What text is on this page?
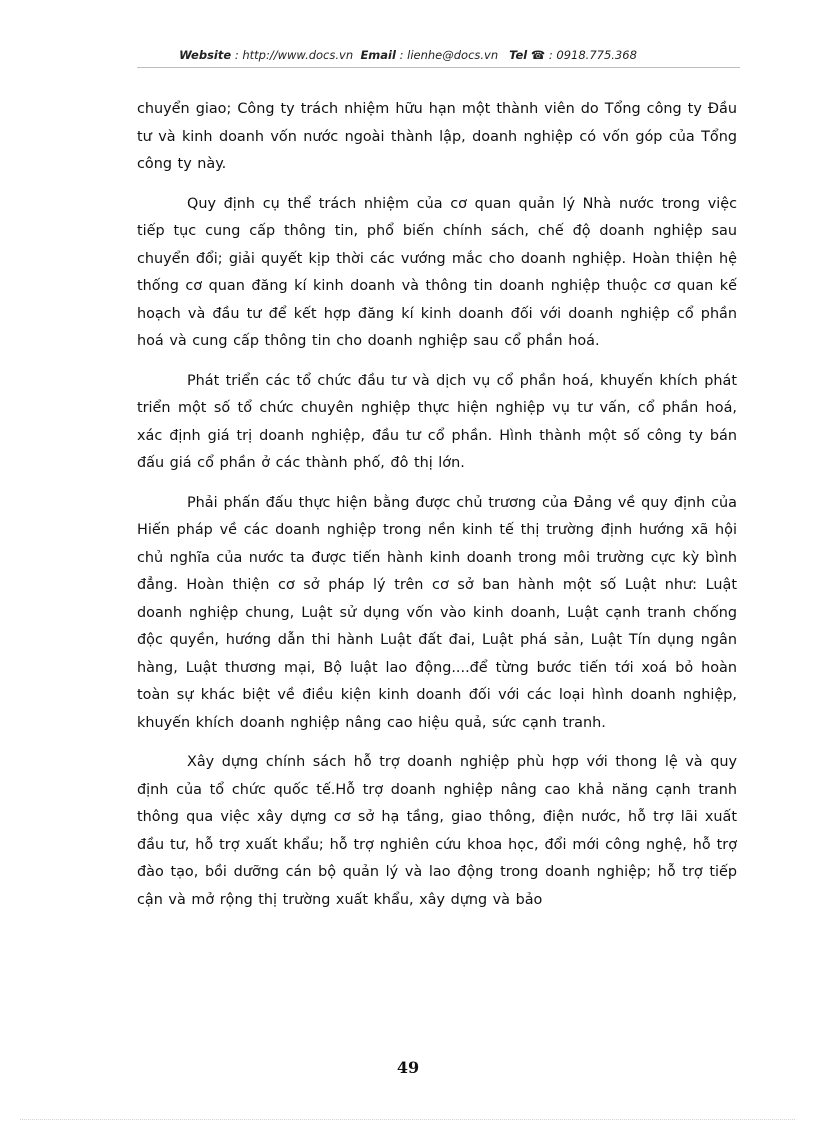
Website : http://www.docs.vn Email : lienhe@docs.vn Tel ☎ : 0918.775.368

chuyển giao; Công ty trách nhiệm hữu hạn một thành viên do Tổng công ty Đầu tư và kinh doanh vốn nước ngoài thành lập, doanh nghiệp có vốn góp của Tổng công ty này.

Quy định cụ thể trách nhiệm của cơ quan quản lý Nhà nước trong việc tiếp tục cung cấp thông tin, phổ biến chính sách, chế độ doanh nghiệp sau chuyển đổi; giải quyết kịp thời các vướng mắc cho doanh nghiệp. Hoàn thiện hệ thống cơ quan đăng kí kinh doanh và thông tin doanh nghiệp thuộc cơ quan kế hoạch và đầu tư để kết hợp đăng kí kinh doanh đối với doanh nghiệp cổ phần hoá và cung cấp thông tin cho doanh nghiệp sau cổ phần hoá.

Phát triển các tổ chức đầu tư và dịch vụ cổ phần hoá, khuyến khích phát triển một số tổ chức chuyên nghiệp thực hiện nghiệp vụ tư vấn, cổ phần hoá, xác định giá trị doanh nghiệp, đầu tư cổ phần. Hình thành một số công ty bán đấu giá cổ phần ở các thành phố, đô thị lớn.

Phải phấn đấu thực hiện bằng được chủ trương của Đảng về quy định của Hiến pháp về các doanh nghiệp trong nền kinh tế thị trường định hướng xã hội chủ nghĩa của nước ta được tiến hành kinh doanh trong môi trường cực kỳ bình đẳng. Hoàn thiện cơ sở pháp lý trên cơ sở ban hành một số Luật như: Luật doanh nghiệp chung, Luật sử dụng vốn vào kinh doanh, Luật cạnh tranh chống độc quyền, hướng dẫn thi hành Luật đất đai, Luật phá sản, Luật Tín dụng ngân hàng, Luật thương mại, Bộ luật lao động....để từng bước tiến tới xoá bỏ hoàn toàn sự khác biệt về điều kiện kinh doanh đối với các loại hình doanh nghiệp, khuyến khích doanh nghiệp nâng cao hiệu quả, sức cạnh tranh.

Xây dựng chính sách hỗ trợ doanh nghiệp phù hợp với thong lệ và quy định của tổ chức quốc tế.Hỗ trợ doanh nghiệp nâng cao khả năng cạnh tranh thông qua việc xây dựng cơ sở hạ tầng, giao thông, điện nước, hỗ trợ lãi xuất đầu tư, hỗ trợ xuất khẩu; hỗ trợ nghiên cứu khoa học, đổi mới công nghệ, hỗ trợ đào tạo, bồi dưỡng cán bộ quản lý và lao động trong doanh nghiệp; hỗ trợ tiếp cận và mở rộng thị trường xuất khẩu, xây dựng và bảo

49
